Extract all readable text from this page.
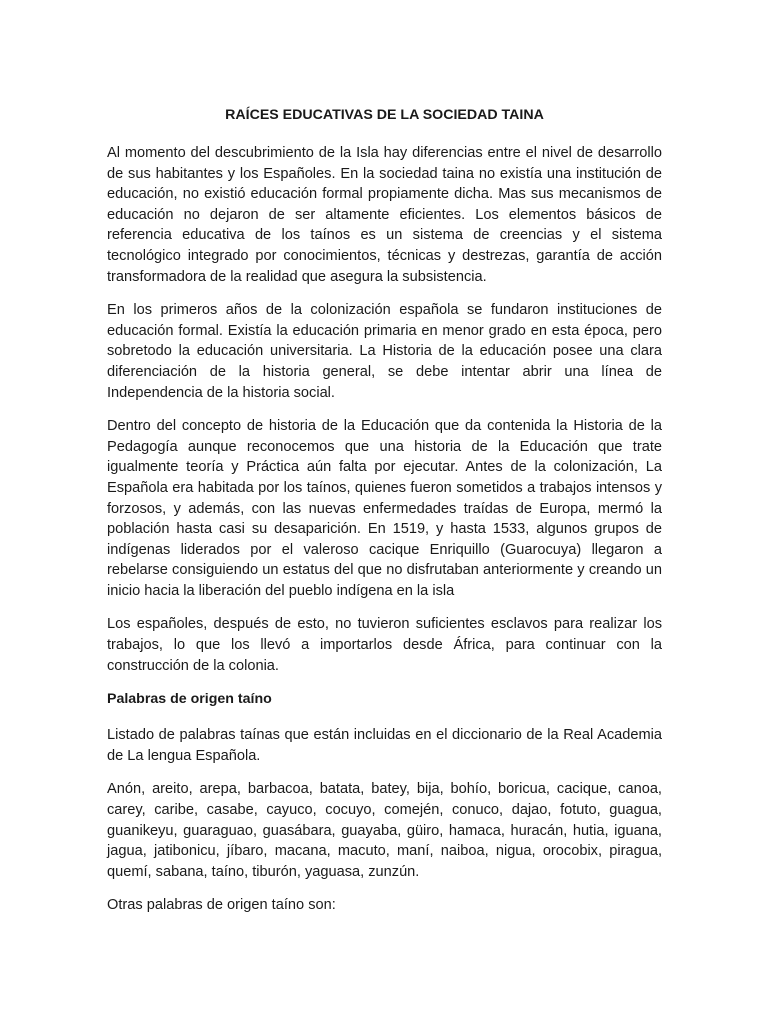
RAÍCES EDUCATIVAS DE LA SOCIEDAD TAINA

Al momento del descubrimiento de la Isla hay diferencias entre el nivel de desarrollo de sus habitantes y los Españoles. En la sociedad taina no existía una institución de educación, no existió educación formal propiamente dicha. Mas sus mecanismos de educación no dejaron de ser altamente eficientes. Los elementos básicos de referencia educativa de los taínos es un sistema de creencias y el sistema tecnológico integrado por conocimientos, técnicas y destrezas, garantía de acción transformadora de la realidad que asegura la subsistencia.

En los primeros años de la colonización española se fundaron instituciones de educación formal. Existía la educación primaria en menor grado en esta época, pero sobretodo la educación universitaria. La Historia de la educación posee una clara diferenciación de la historia general, se debe intentar abrir una línea de Independencia de la historia social.

Dentro del concepto de historia de la Educación que da contenida la Historia de la Pedagogía aunque reconocemos que una historia de la Educación que trate igualmente teoría y Práctica aún falta por ejecutar. Antes de la colonización, La Española era habitada por los taínos, quienes fueron sometidos a trabajos intensos y forzosos, y además, con las nuevas enfermedades traídas de Europa, mermó la población hasta casi su desaparición. En 1519, y hasta 1533, algunos grupos de indígenas liderados por el valeroso cacique Enriquillo (Guarocuya) llegaron a rebelarse consiguiendo un estatus del que no disfrutaban anteriormente y creando un inicio hacia la liberación del pueblo indígena en la isla

Los españoles, después de esto, no tuvieron suficientes esclavos para realizar los trabajos, lo que los llevó a importarlos desde África, para continuar con la construcción de la colonia.

Palabras de origen taíno

Listado de palabras taínas que están incluidas en el diccionario de la Real Academia de La lengua Española.

Anón, areito, arepa, barbacoa, batata, batey, bija, bohío, boricua, cacique, canoa, carey, caribe, casabe, cayuco, cocuyo, comején, conuco, dajao, fotuto, guagua, guanikeyu, guaraguao, guasábara, guayaba, güiro, hamaca, huracán, hutia, iguana, jagua, jatibonicu, jíbaro, macana, macuto, maní, naiboa, nigua, orocobix, piragua, quemí, sabana, taíno, tiburón, yaguasa, zunzún.

Otras palabras de origen taíno son:
